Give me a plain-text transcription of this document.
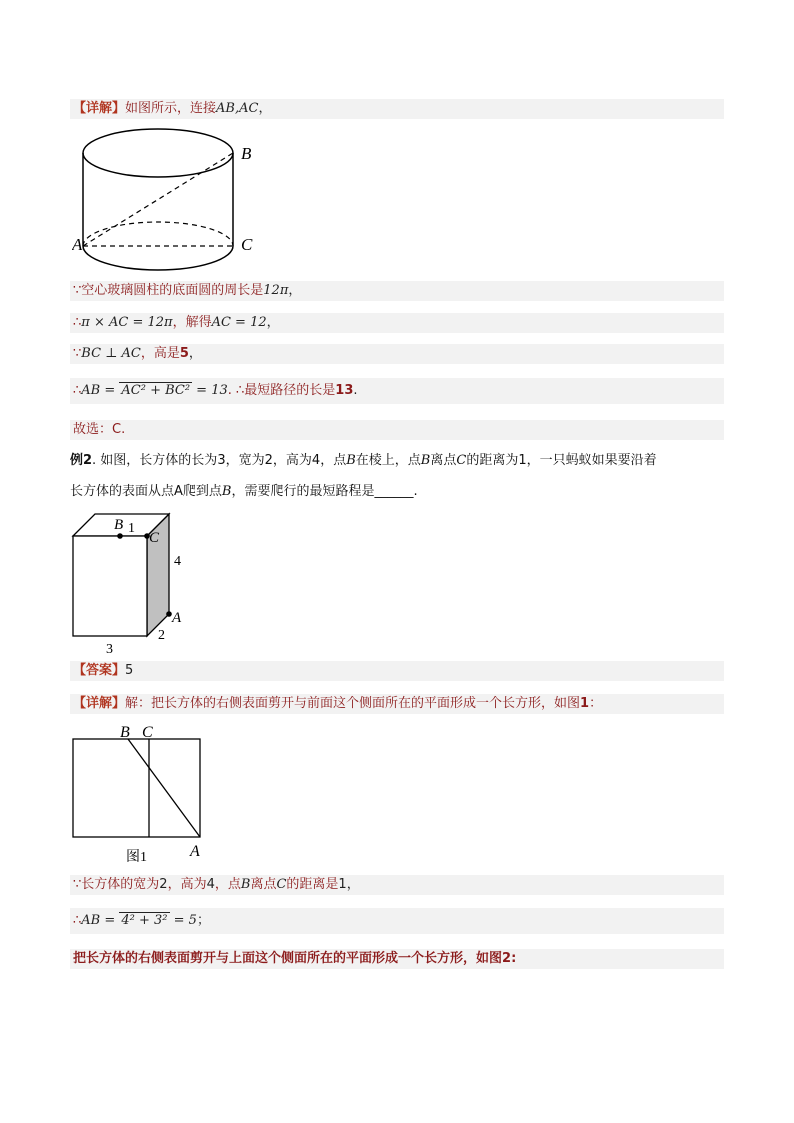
【详解】如图所示，连接AB,AC，
A
B
C
∵空心玻璃圆柱的底面圆的周长是12π，
∴π × AC = 12π，解得AC = 12，
∵BC ⊥ AC，高是5，
∴AB = AC² + BC² = 13. ∴最短路径的长是13.
故选：C.
例2. 如图，长方体的长为3，宽为2，高为4，点B在棱上，点B离点C的距离为1，一只蚂蚁如果要沿着
长方体的表面从点A爬到点B，需要爬行的最短路程是______.
B 1
C
4
A
2
3
【答案】5
【详解】解：把长方体的右侧表面剪开与前面这个侧面所在的平面形成一个长方形，如图1：
B C
A
图1
∵长方体的宽为2，高为4，点B离点C的距离是1，
∴AB = 4² + 3² = 5；
把长方体的右侧表面剪开与上面这个侧面所在的平面形成一个长方形，如图2:
